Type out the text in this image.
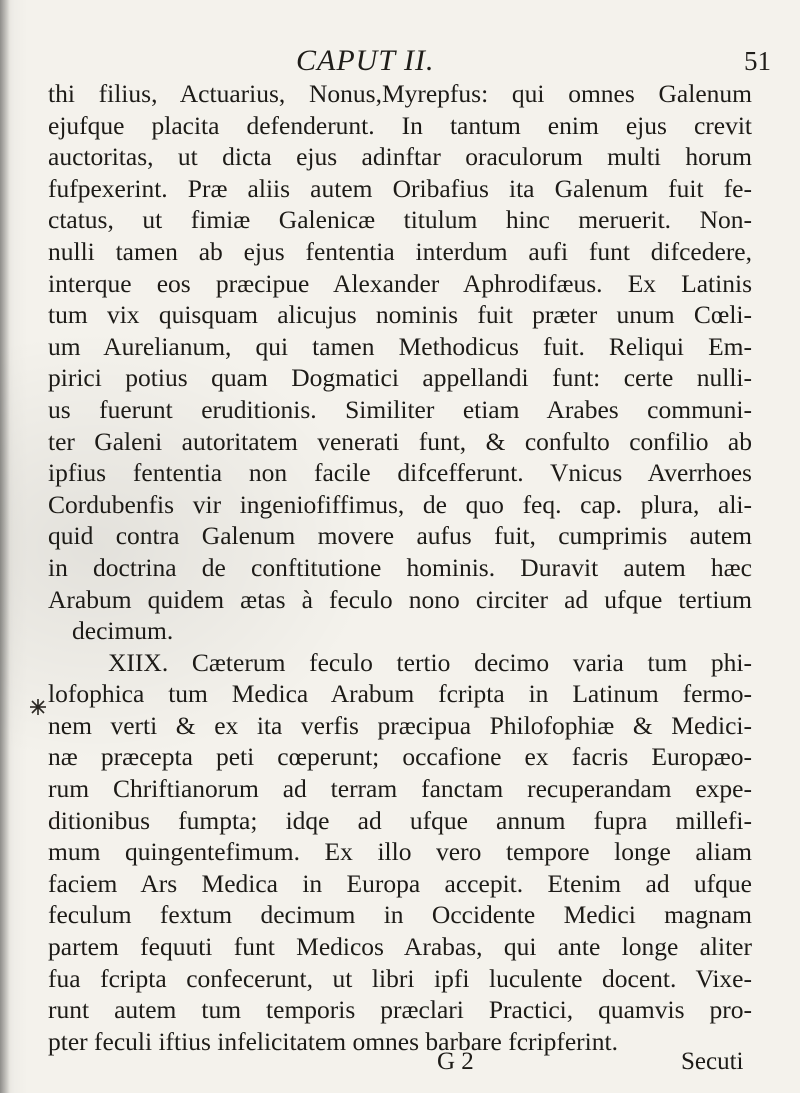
CAPUT II.	51
thi filius, Actuarius, Nonus,Myrepfus: qui omnes Galenum
ejufque placita defenderunt. In tantum enim ejus crevit
auctoritas, ut dicta ejus adinftar oraculorum multi horum
fufpexerint. Præ aliis autem Oribafius ita Galenum fuit fe-
ctatus, ut fimiæ Galenicæ titulum hinc meruerit. Non-
nulli tamen ab ejus fententia interdum aufi funt difcedere,
interque eos præcipue Alexander Aphrodifæus. Ex Latinis
tum vix quisquam alicujus nominis fuit præter unum Cœli-
um Aurelianum, qui tamen Methodicus fuit. Reliqui Em-
pirici potius quam Dogmatici appellandi funt: certe nulli-
us fuerunt eruditionis. Similiter etiam Arabes communi-
ter Galeni autoritatem venerati funt, & confulto confilio ab
ipfius fententia non facile difcefferunt. Vnicus Averrhoes
Cordubenfis vir ingeniofiffimus, de quo feq. cap. plura, ali-
quid contra Galenum movere aufus fuit, cumprimis autem
in doctrina de conftitutione hominis. Duravit autem hæc
Arabum quidem ætas à feculo nono circiter ad ufque tertium
decimum.
XIIX. Cæterum feculo tertio decimo varia tum phi-
lofophica tum Medica Arabum fcripta in Latinum fermo-
nem verti & ex ita verfis præcipua Philofophiæ & Medici-
næ præcepta peti cœperunt; occafione ex facris Europæo-
rum Chriftianorum ad terram fanctam recuperandam expe-
ditionibus fumpta; idqe ad ufque annum fupra millefi-
mum quingentefimum. Ex illo vero tempore longe aliam
faciem Ars Medica in Europa accepit. Etenim ad ufque
feculum fextum decimum in Occidente Medici magnam
partem fequuti funt Medicos Arabas, qui ante longe aliter
fua fcripta confecerunt, ut libri ipfi luculente docent. Vixe-
runt autem tum temporis præclari Practici, quamvis pro-
pter feculi iftius infelicitatem omnes barbare fcripferint.
G 2	Secuti
